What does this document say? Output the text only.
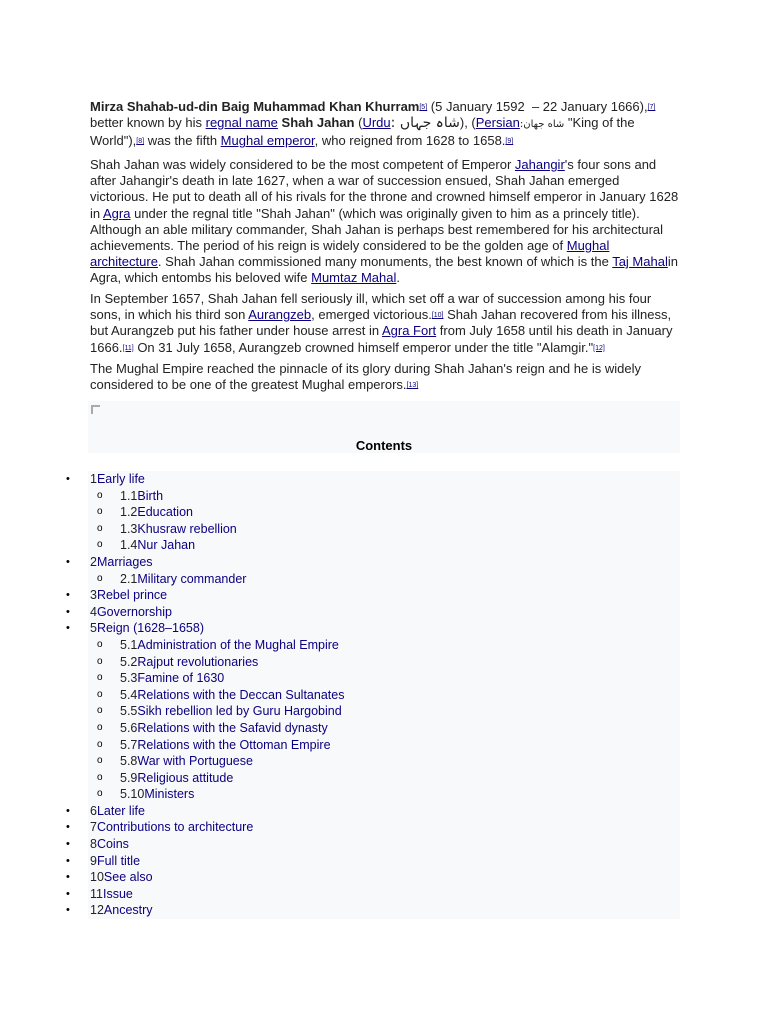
Mirza Shahab-ud-din Baig Muhammad Khan Khurram[5] (5 January 1592  – 22 January 1666),[7] better known by his regnal name Shah Jahan (Urdu: شاہ جہاں), (Persian:شاه جهان "King of the World"),[8] was the fifth Mughal emperor, who reigned from 1628 to 1658.[9]

Shah Jahan was widely considered to be the most competent of Emperor Jahangir's four sons and after Jahangir's death in late 1627, when a war of succession ensued, Shah Jahan emerged victorious. He put to death all of his rivals for the throne and crowned himself emperor in January 1628 in Agra under the regnal title "Shah Jahan" (which was originally given to him as a princely title). Although an able military commander, Shah Jahan is perhaps best remembered for his architectural achievements. The period of his reign is widely considered to be the golden age of Mughal architecture. Shah Jahan commissioned many monuments, the best known of which is the Taj Mahalin Agra, which entombs his beloved wife Mumtaz Mahal.

In September 1657, Shah Jahan fell seriously ill, which set off a war of succession among his four sons, in which his third son Aurangzeb, emerged victorious.[10] Shah Jahan recovered from his illness, but Aurangzeb put his father under house arrest in Agra Fort from July 1658 until his death in January 1666.[11] On 31 July 1658, Aurangzeb crowned himself emperor under the title "Alamgir."[12]

The Mughal Empire reached the pinnacle of its glory during Shah Jahan's reign and he is widely considered to be one of the greatest Mughal emperors.[13]

Contents
• 1Early life
o 1.1Birth
o 1.2Education
o 1.3Khusraw rebellion
o 1.4Nur Jahan
• 2Marriages
o 2.1Military commander
• 3Rebel prince
• 4Governorship
• 5Reign (1628–1658)
o 5.1Administration of the Mughal Empire
o 5.2Rajput revolutionaries
o 5.3Famine of 1630
o 5.4Relations with the Deccan Sultanates
o 5.5Sikh rebellion led by Guru Hargobind
o 5.6Relations with the Safavid dynasty
o 5.7Relations with the Ottoman Empire
o 5.8War with Portuguese
o 5.9Religious attitude
o 5.10Ministers
• 6Later life
• 7Contributions to architecture
• 8Coins
• 9Full title
• 10See also
• 11Issue
• 12Ancestry
